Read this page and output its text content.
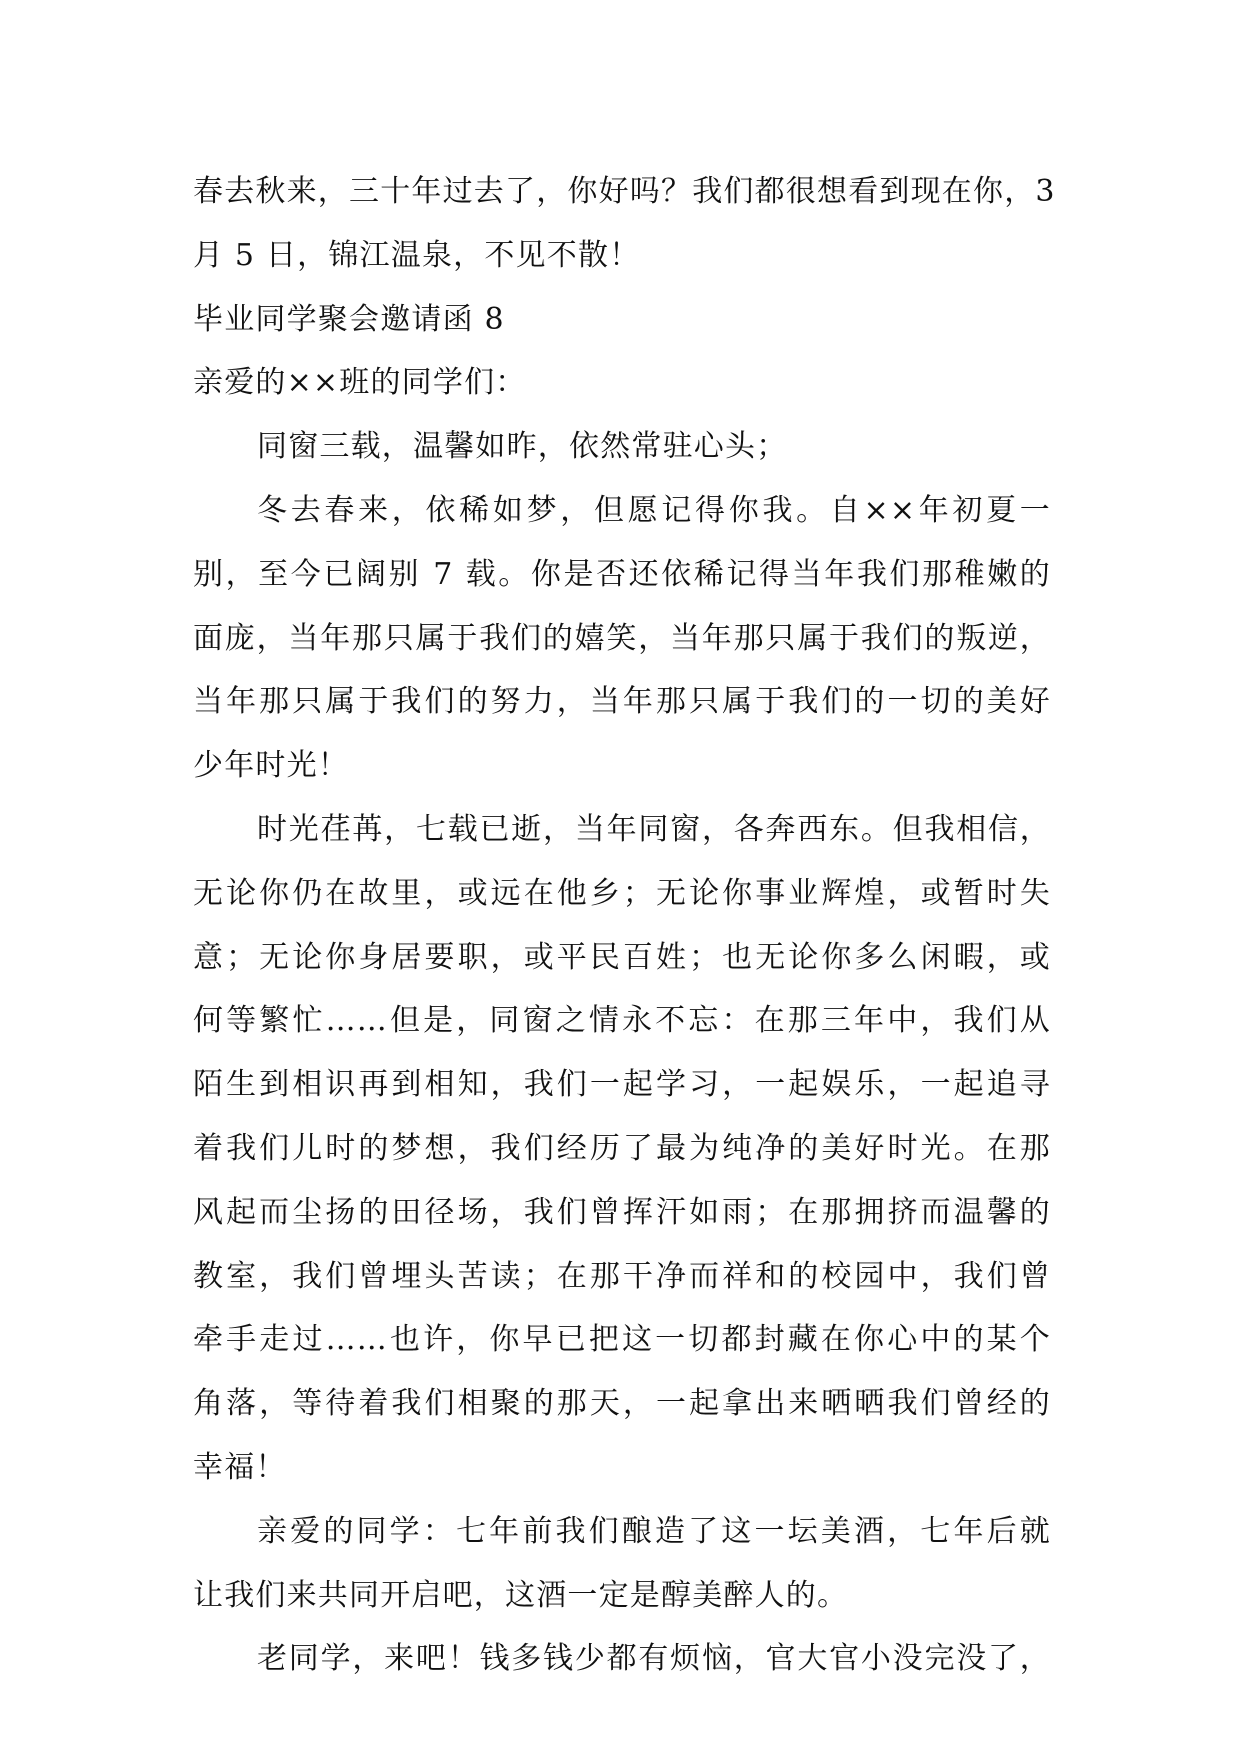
春去秋来，三十年过去了，你好吗？我们都很想看到现在你，3
月 5 日，锦江温泉，不见不散！
毕业同学聚会邀请函 8
亲爱的××班的同学们：
同窗三载，温馨如昨，依然常驻心头；
冬去春来，依稀如梦，但愿记得你我。自××年初夏一
别，至今已阔别 7 载。你是否还依稀记得当年我们那稚嫩的
面庞，当年那只属于我们的嬉笑，当年那只属于我们的叛逆，
当年那只属于我们的努力，当年那只属于我们的一切的美好
少年时光！
时光荏苒，七载已逝，当年同窗，各奔西东。但我相信，
无论你仍在故里，或远在他乡；无论你事业辉煌，或暂时失
意；无论你身居要职，或平民百姓；也无论你多么闲暇，或
何等繁忙……但是，同窗之情永不忘：在那三年中，我们从
陌生到相识再到相知，我们一起学习，一起娱乐，一起追寻
着我们儿时的梦想，我们经历了最为纯净的美好时光。在那
风起而尘扬的田径场，我们曾挥汗如雨；在那拥挤而温馨的
教室，我们曾埋头苦读；在那干净而祥和的校园中，我们曾
牵手走过……也许，你早已把这一切都封藏在你心中的某个
角落，等待着我们相聚的那天，一起拿出来晒晒我们曾经的
幸福！
亲爱的同学：七年前我们酿造了这一坛美酒，七年后就
让我们来共同开启吧，这酒一定是醇美醉人的。
老同学，来吧！钱多钱少都有烦恼，官大官小没完没了，
